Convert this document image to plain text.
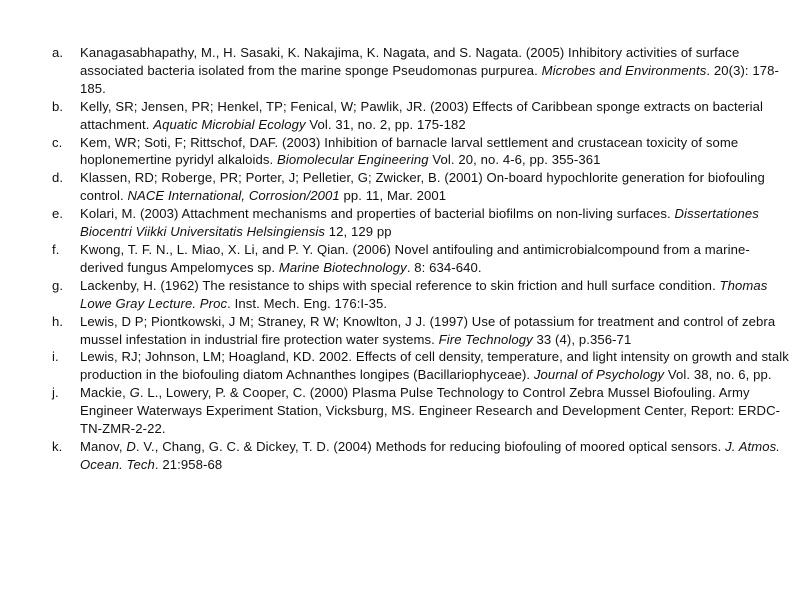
a.	Kanagasabhapathy, M., H. Sasaki, K. Nakajima, K. Nagata, and S. Nagata. (2005) Inhibitory activities of surface associated bacteria isolated from the marine sponge Pseudomonas purpurea. Microbes and Environments. 20(3): 178-185.
b.	Kelly, SR; Jensen, PR; Henkel, TP; Fenical, W; Pawlik, JR. (2003) Effects of Caribbean sponge extracts on bacterial attachment. Aquatic Microbial Ecology Vol. 31, no. 2, pp. 175-182
c.	Kem, WR; Soti, F; Rittschof, DAF. (2003) Inhibition of barnacle larval settlement and crustacean toxicity of some hoplonemertine pyridyl alkaloids. Biomolecular Engineering Vol. 20, no. 4-6, pp. 355-361
d.	Klassen, RD; Roberge, PR; Porter, J; Pelletier, G; Zwicker, B. (2001) On-board hypochlorite generation for biofouling control. NACE International, Corrosion/2001 pp. 11, Mar. 2001
e.	Kolari, M. (2003) Attachment mechanisms and properties of bacterial biofilms on non-living surfaces. Dissertationes Biocentri Viikki Universitatis Helsingiensis 12, 129 pp
f.	Kwong, T. F. N., L. Miao, X. Li, and P. Y. Qian. (2006) Novel antifouling and antimicrobialcompound from a marine-derived fungus Ampelomyces sp. Marine Biotechnology. 8: 634-640.
g.	Lackenby, H. (1962) The resistance to ships with special reference to skin friction and hull surface condition. Thomas Lowe Gray Lecture. Proc. Inst. Mech. Eng. 176:I-35.
h.	Lewis, D P; Piontkowski, J M; Straney, R W; Knowlton, J J. (1997) Use of potassium for treatment and control of zebra mussel infestation in industrial fire protection water systems. Fire Technology 33 (4), p.356-71
i.	Lewis, RJ; Johnson, LM; Hoagland, KD. 2002. Effects of cell density, temperature, and light intensity on growth and stalk production in the biofouling diatom Achnanthes longipes (Bacillariophyceae). Journal of Psychology Vol. 38, no. 6, pp.
j.	Mackie, G. L., Lowery, P. & Cooper, C. (2000) Plasma Pulse Technology to Control Zebra Mussel Biofouling. Army Engineer Waterways Experiment Station, Vicksburg, MS. Engineer Research and Development Center, Report: ERDC-TN-ZMR-2-22.
k.	Manov, D. V., Chang, G. C. & Dickey, T. D. (2004) Methods for reducing biofouling of moored optical sensors. J. Atmos. Ocean. Tech. 21:958-68
